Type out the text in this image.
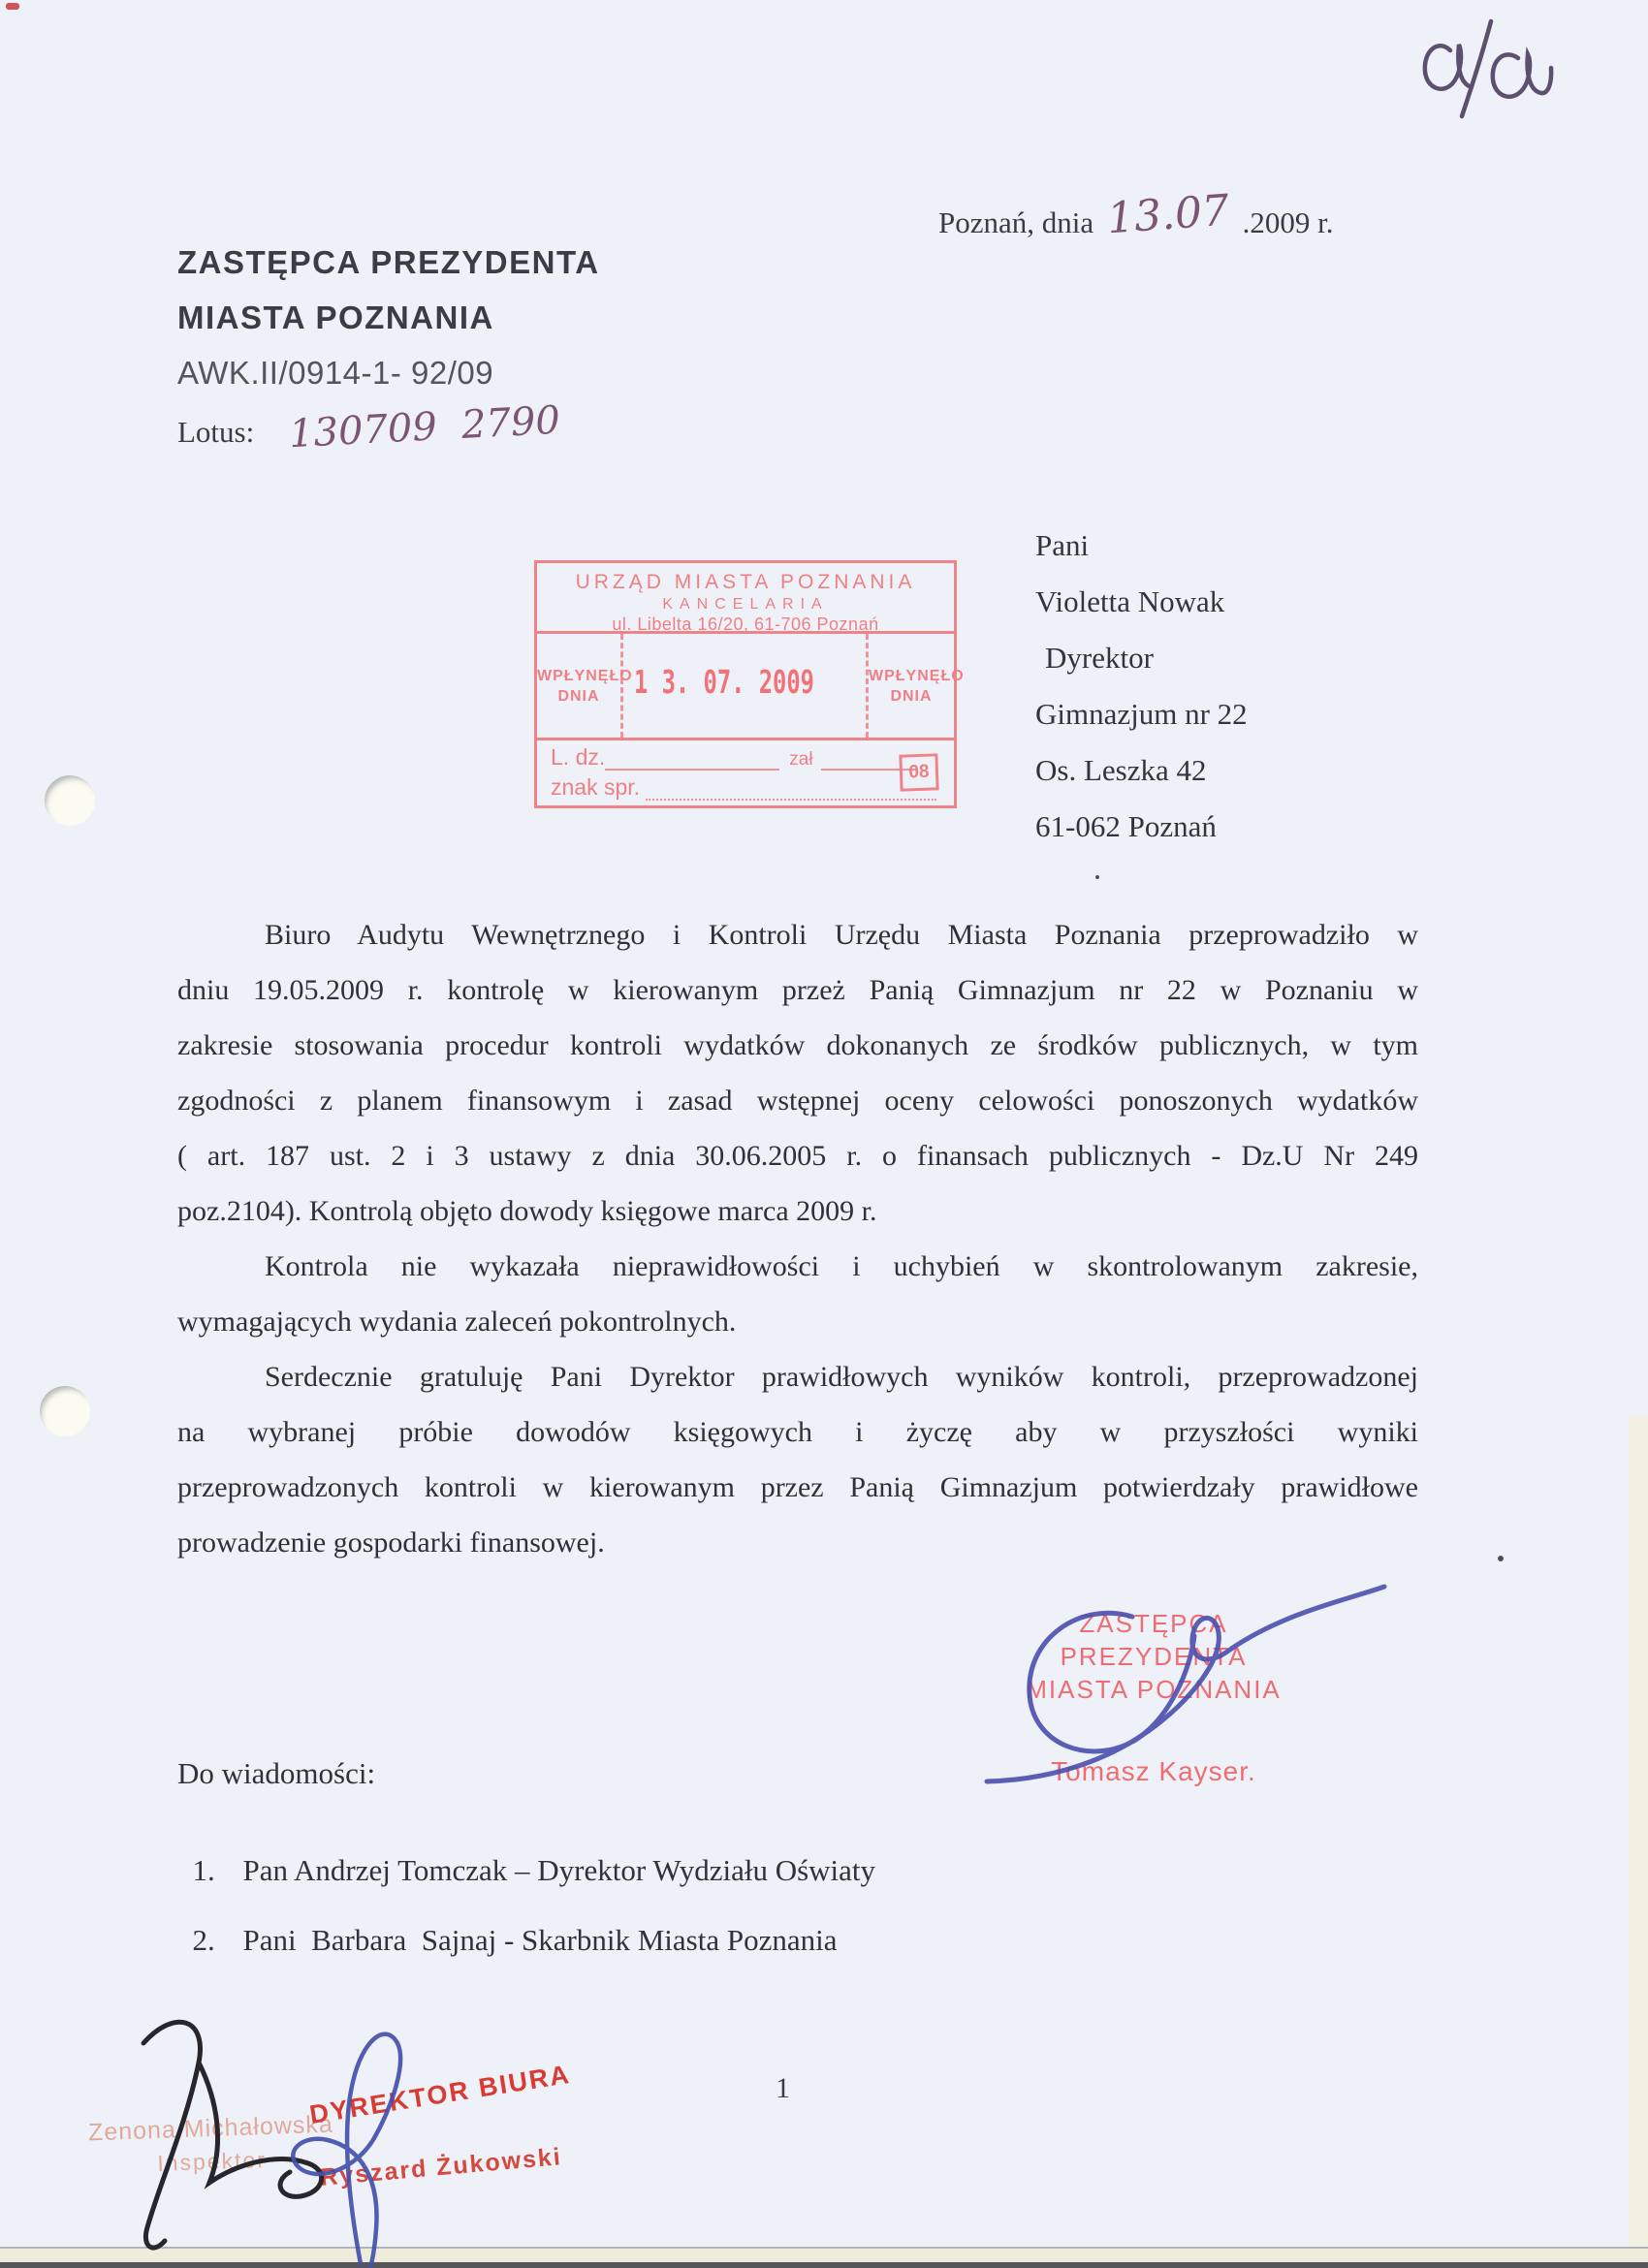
Poznań, dnia 13.07 .2009 r.
ZASTĘPCA PREZYDENTA
MIASTA POZNANIA
AWK.II/0914-1- 92/09
Lotus: 130709  2790
URZĄD MIASTA POZNANIA
KANCELARIA
ul. Libelta 16/20, 61-706 Poznań
WPŁYNĘŁO
DNIA	1 3. 07. 2009	WPŁYNĘŁO
DNIA
L. dz.	zał
znak spr.
08
Pani
Violetta Nowak
Dyrektor
Gimnazjum nr 22
Os. Leszka 42
61-062 Poznań
Biuro Audytu Wewnętrznego i Kontroli Urzędu Miasta Poznania przeprowadziło w
dniu 19.05.2009 r. kontrolę w kierowanym przeż Panią Gimnazjum nr 22 w Poznaniu w
zakresie stosowania procedur kontroli wydatków dokonanych ze środków publicznych, w tym
zgodności z planem finansowym i zasad wstępnej oceny celowości ponoszonych wydatków
( art. 187 ust. 2 i 3 ustawy z dnia 30.06.2005 r. o finansach publicznych - Dz.U Nr 249
poz.2104). Kontrolą objęto dowody księgowe marca 2009 r.
Kontrola nie wykazała nieprawidłowości i uchybień w skontrolowanym zakresie,
wymagających wydania zaleceń pokontrolnych.
Serdecznie gratuluję Pani Dyrektor prawidłowych wyników kontroli, przeprowadzonej
na wybranej próbie dowodów księgowych i życzę aby w przyszłości wyniki
przeprowadzonych kontroli w kierowanym przez Panią Gimnazjum potwierdzały prawidłowe
prowadzenie gospodarki finansowej.
ZASTĘPCA PREZYDENTA
MIASTA POZNANIA
Tomasz Kayser.
Do wiadomości:

1. Pan Andrzej Tomczak – Dyrektor Wydziału Oświaty

2. Pani  Barbara  Sajnaj - Skarbnik Miasta Poznania

1
Zenona Michałowska
Inspektor
DYREKTOR BIURA
Ryszard Żukowski
